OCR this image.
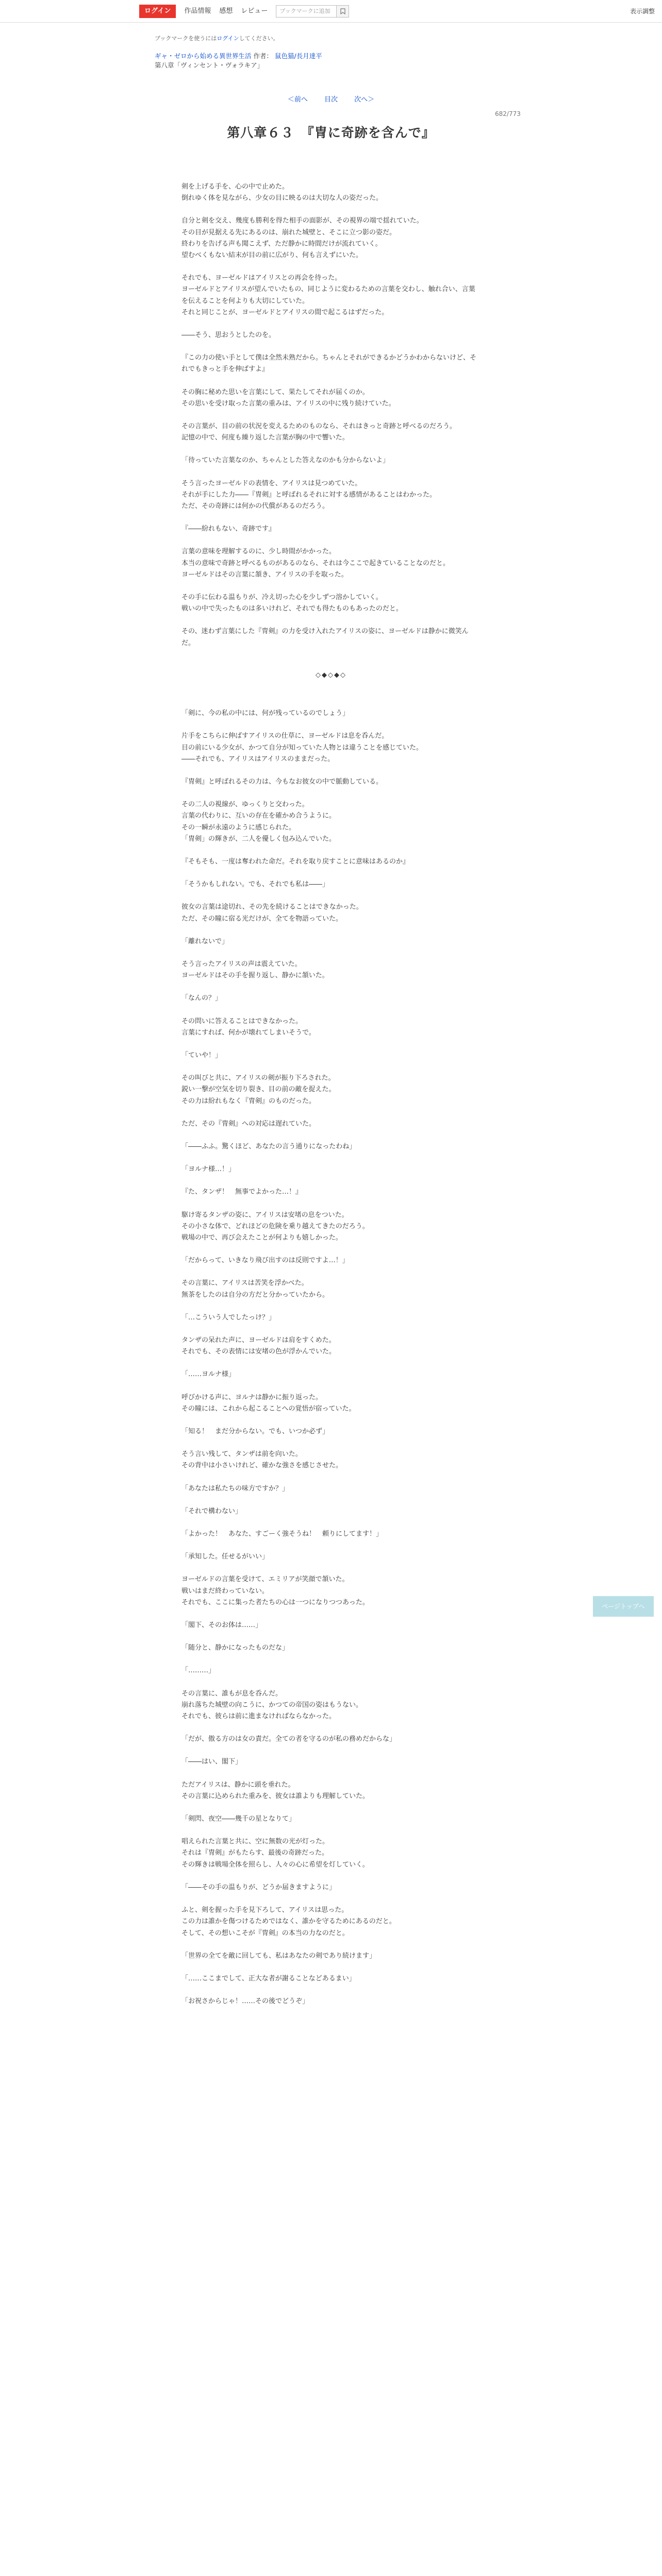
ログイン	作品情報 感想 レビュー	ブックマークに追加	表示調整
ブックマークを使うにはログインしてください。
ギャ・ゼロから始める異世界生活 作者： 鼠色猫/長月達平
第八章「ヴィンセント・ヴォラキア」
＜前へ 目次 次へ＞
682/773
第八章６３　『冑に奇跡を含んで』

剣を上げる手を、心の中で止めた。
倒れゆく体を見ながら、少女の目に映るのは大切な人の姿だった。

自分と剣を交え、幾度も勝利を得た相手の面影が、その視界の端で揺れていた。
その目が見据える先にあるのは、崩れた城壁と、そこに立つ影の姿だ。
終わりを告げる声も聞こえず、ただ静かに時間だけが流れていく。
望むべくもない結末が目の前に広がり、何も言えずにいた。

それでも、ヨーゼルドはアイリスとの再会を待った。
ヨーゼルドとアイリスが望んでいたもの、同じように変わるための言葉を交わし、触れ合い、言葉を伝えることを何よりも大切にしていた。
それと同じことが、ヨーゼルドとアイリスの間で起こるはずだった。

――そう、思おうとしたのを。

『この力の使い手として僕は全然未熟だから。ちゃんとそれができるかどうかわからないけど、それでもきっと手を伸ばすよ』

その胸に秘めた思いを言葉にして、果たしてそれが届くのか。
その思いを受け取った言葉の重みは、アイリスの中に残り続けていた。

その言葉が、目の前の状況を変えるためのものなら、それはきっと奇跡と呼べるのだろう。
記憶の中で、何度も繰り返した言葉が胸の中で響いた。

「待っていた言葉なのか、ちゃんとした答えなのかも分からないよ」

そう言ったヨーゼルドの表情を、アイリスは見つめていた。
それが手にした力――『冑剣』と呼ばれるそれに対する感情があることはわかった。
ただ、その奇跡には何かの代償があるのだろう。

『――紛れもない、奇跡です』

言葉の意味を理解するのに、少し時間がかかった。
本当の意味で奇跡と呼べるものがあるのなら、それは今ここで起きていることなのだと。
ヨーゼルドはその言葉に頷き、アイリスの手を取った。

その手に伝わる温もりが、冷え切った心を少しずつ溶かしていく。
戦いの中で失ったものは多いけれど、それでも得たものもあったのだと。

その、迷わず言葉にした『冑剣』の力を受け入れたアイリスの姿に、ヨーゼルドは静かに微笑んだ。

◇◆◇◆◇

「剣に、今の私の中には、何が残っているのでしょう」

片手をこちらに伸ばすアイリスの仕草に、ヨーゼルドは息を呑んだ。
目の前にいる少女が、かつて自分が知っていた人物とは違うことを感じていた。
――それでも、アイリスはアイリスのままだった。

『冑剣』と呼ばれるその力は、今もなお彼女の中で脈動している。

その二人の視線が、ゆっくりと交わった。
言葉の代わりに、互いの存在を確かめ合うように。
その一瞬が永遠のように感じられた。
「冑剣」の輝きが、二人を優しく包み込んでいた。

『そもそも、一度は奪われた命だ。それを取り戻すことに意味はあるのか』

「そうかもしれない。でも、それでも私は――」

彼女の言葉は途切れ、その先を続けることはできなかった。
ただ、その瞳に宿る光だけが、全てを物語っていた。

「離れないで」

そう言ったアイリスの声は震えていた。
ヨーゼルドはその手を握り返し、静かに頷いた。

「なんの？」

その問いに答えることはできなかった。
言葉にすれば、何かが壊れてしまいそうで。

「ていや！」

その叫びと共に、アイリスの剣が振り下ろされた。
鋭い一撃が空気を切り裂き、目の前の敵を捉えた。
その力は紛れもなく『冑剣』のものだった。

ただ、その『冑剣』への対応は遅れていた。

「――ふふ。驚くほど、あなたの言う通りになったわね」

「ヨルナ様…！」

『た、タンザ！　無事でよかった…！』

駆け寄るタンザの姿に、アイリスは安堵の息をついた。
その小さな体で、どれほどの危険を乗り越えてきたのだろう。
戦場の中で、再び会えたことが何よりも嬉しかった。

「だからって、いきなり飛び出すのは反則ですよ…！」

その言葉に、アイリスは苦笑を浮かべた。
無茶をしたのは自分の方だと分かっていたから。

「…こういう人でしたっけ？」

タンザの呆れた声に、ヨーゼルドは肩をすくめた。
それでも、その表情には安堵の色が浮かんでいた。

「……ヨルナ様」

呼びかける声に、ヨルナは静かに振り返った。
その瞳には、これから起こることへの覚悟が宿っていた。

「知る！　まだ分からない。でも、いつか必ず」

そう言い残して、タンザは前を向いた。
その背中は小さいけれど、確かな強さを感じさせた。

「あなたは私たちの味方ですか？」

「それで構わない」

「よかった！　あなた、すごーく強そうね！　頼りにしてます！」

「承知した。任せるがいい」

ヨーゼルドの言葉を受けて、エミリアが笑顔で頷いた。
戦いはまだ終わっていない。
それでも、ここに集った者たちの心は一つになりつつあった。

「閣下、そのお体は……」

「随分と、静かになったものだな」

「………」

その言葉に、誰もが息を呑んだ。
崩れ落ちた城壁の向こうに、かつての帝国の姿はもうない。
それでも、彼らは前に進まなければならなかった。

「だが、傲る方のは女の責だ。全ての者を守るのが私の務めだからな」

「――はい、閣下」

ただアイリスは、静かに頭を垂れた。
その言葉に込められた重みを、彼女は誰よりも理解していた。

「剣閃、夜空――幾千の星となりて」

唱えられた言葉と共に、空に無数の光が灯った。
それは『冑剣』がもたらす、最後の奇跡だった。
その輝きは戦場全体を照らし、人々の心に希望を灯していく。

「――その手の温もりが、どうか届きますように」

ふと、剣を握った手を見下ろして、アイリスは思った。
この力は誰かを傷つけるためではなく、誰かを守るためにあるのだと。
そして、その想いこそが『冑剣』の本当の力なのだと。

「世界の全てを敵に回しても、私はあなたの剣であり続けます」

「……ここまでして、正大な者が謝ることなどあるまい」

「お祝さからじゃ！……その後でどうぞ」

ページトップへ
